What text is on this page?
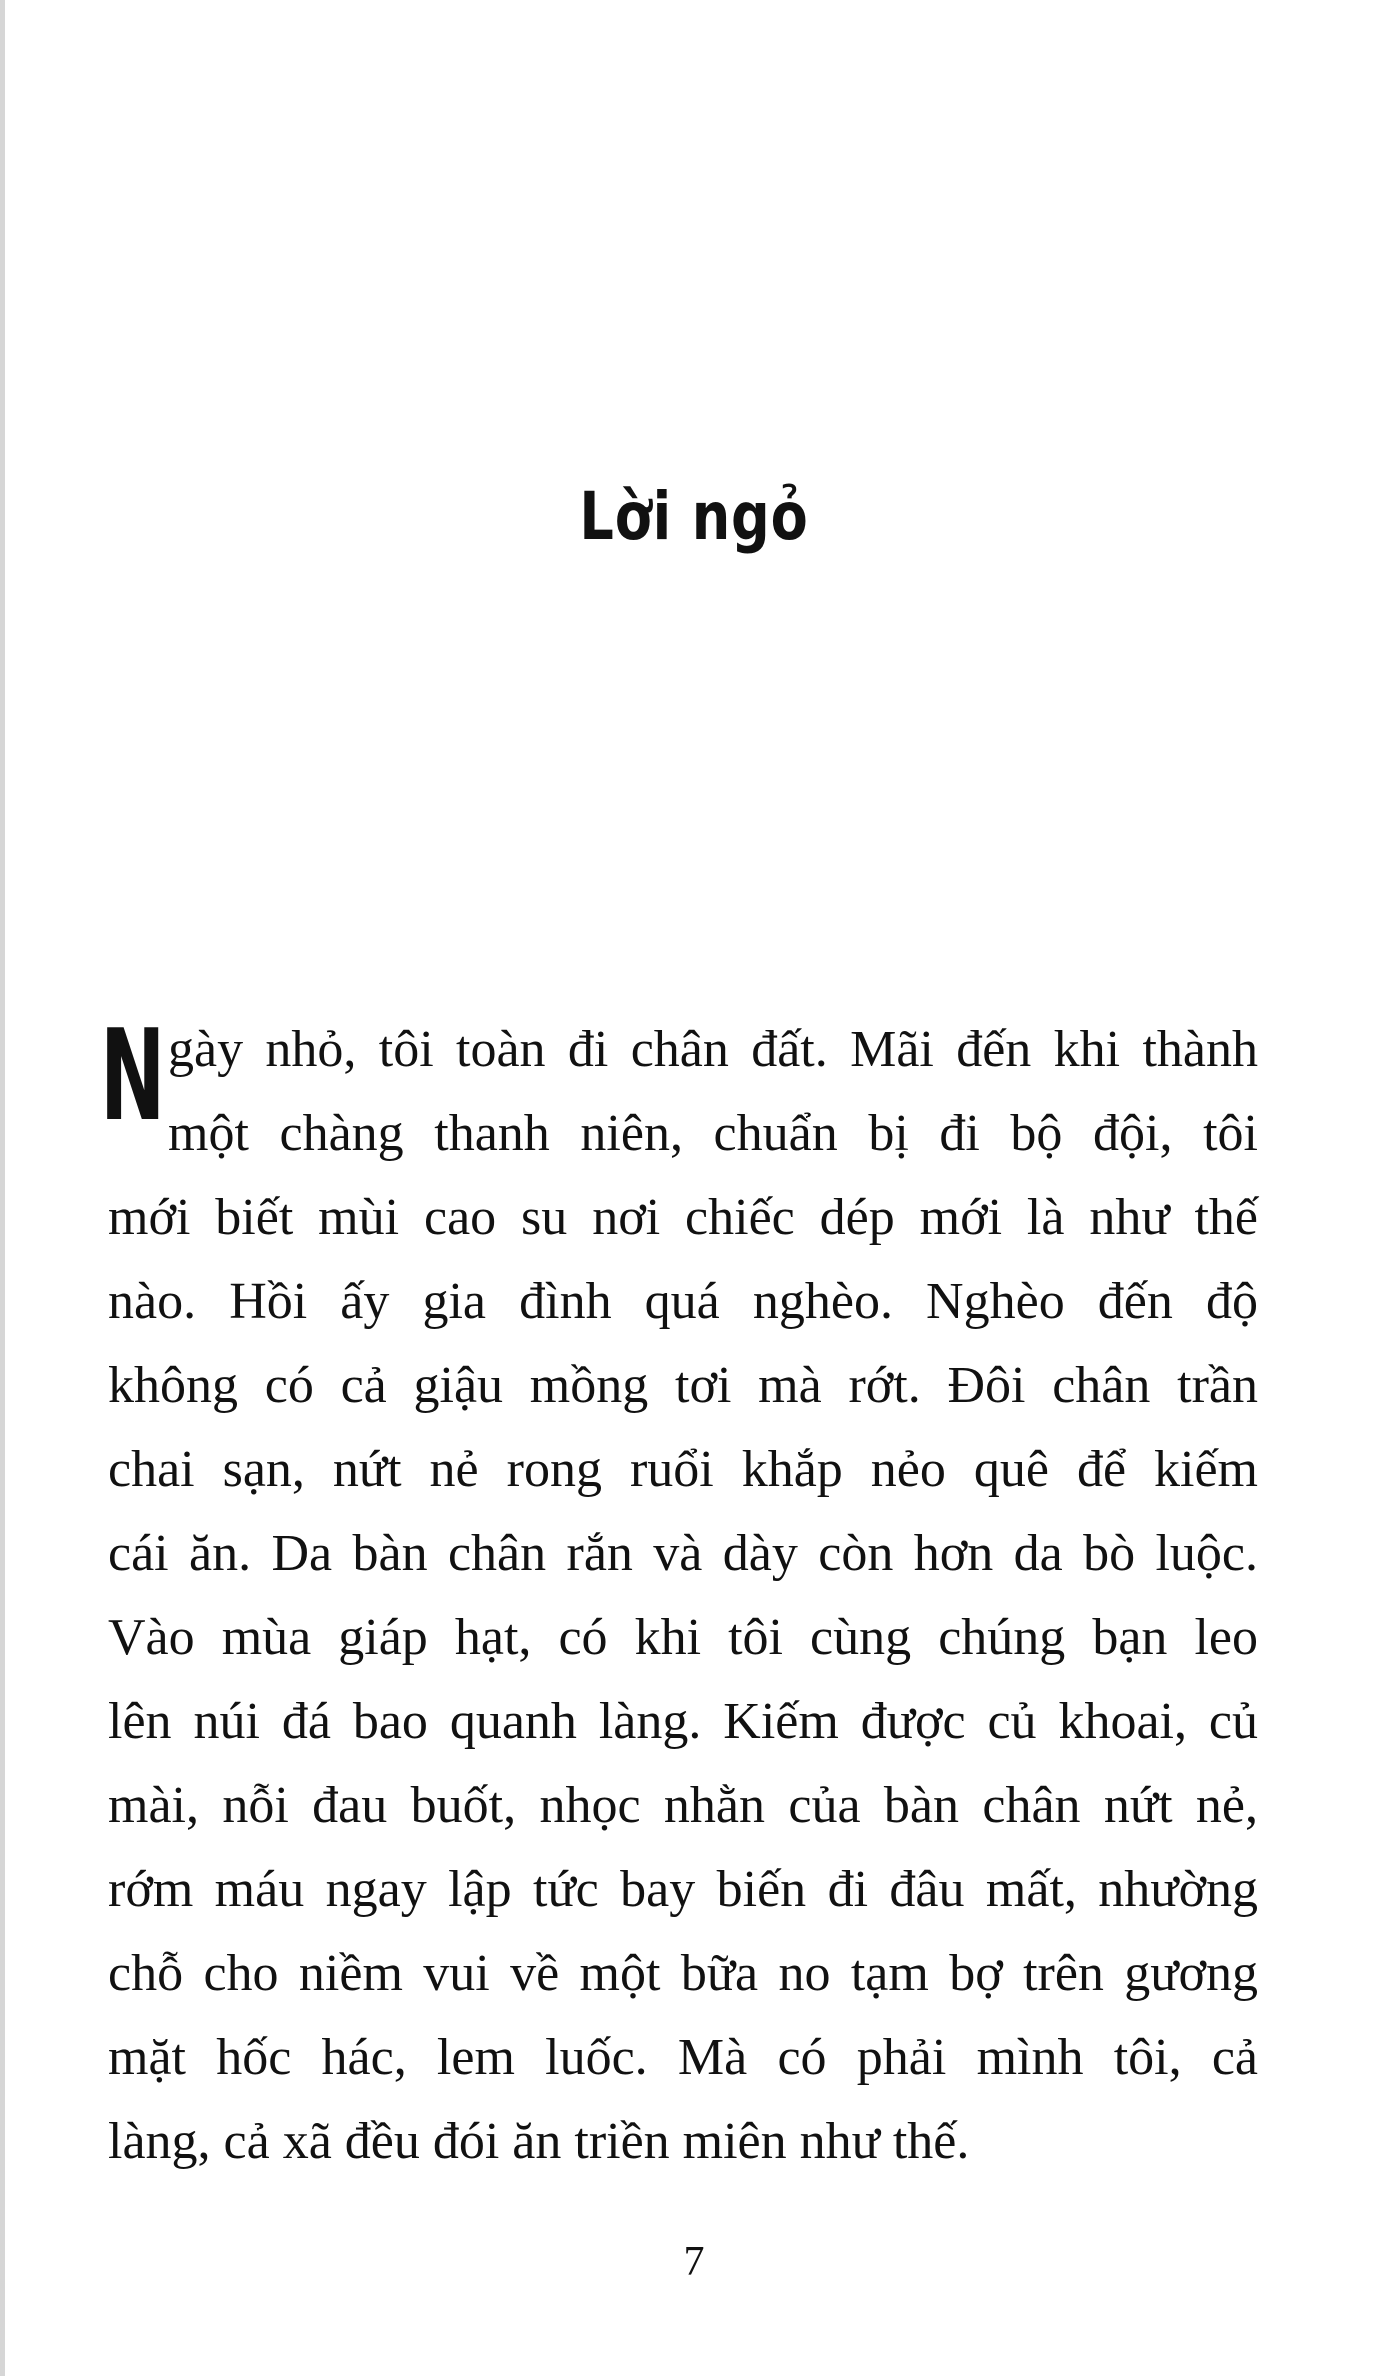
Lời ngỏ
N gày nhỏ, tôi toàn đi chân đất. Mãi đến khi thành
một chàng thanh niên, chuẩn bị đi bộ đội, tôi
mới biết mùi cao su nơi chiếc dép mới là như thế
nào. Hồi ấy gia đình quá nghèo. Nghèo đến độ
không có cả giậu mồng tơi mà rớt. Đôi chân trần
chai sạn, nứt nẻ rong ruổi khắp nẻo quê để kiếm
cái ăn. Da bàn chân rắn và dày còn hơn da bò luộc.
Vào mùa giáp hạt, có khi tôi cùng chúng bạn leo
lên núi đá bao quanh làng. Kiếm được củ khoai, củ
mài, nỗi đau buốt, nhọc nhằn của bàn chân nứt nẻ,
rớm máu ngay lập tức bay biến đi đâu mất, nhường
chỗ cho niềm vui về một bữa no tạm bợ trên gương
mặt hốc hác, lem luốc. Mà có phải mình tôi, cả
làng, cả xã đều đói ăn triền miên như thế.
7
